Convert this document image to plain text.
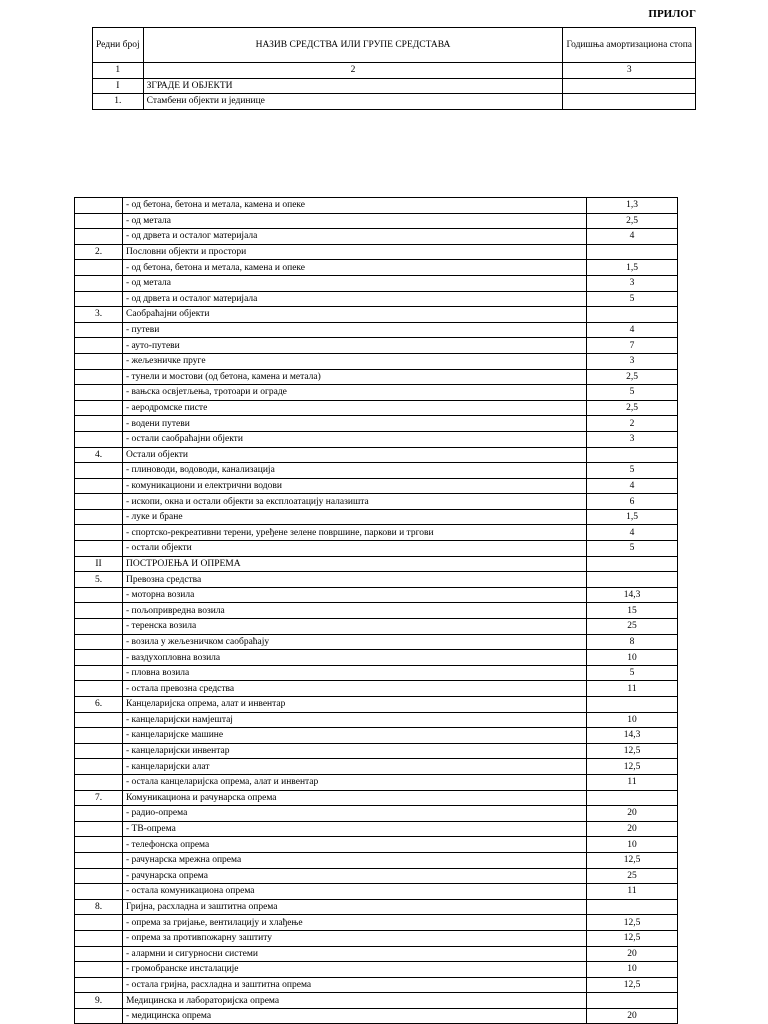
ПРИЛОГ
Редни број	НАЗИВ СРЕДСТВА ИЛИ ГРУПЕ СРЕДСТАВА	Годишња амортизациона стопа
1	2	3
I	ЗГРАДЕ И ОБЈЕКТИ	
1.	Стамбени објекти и јединице	
	- од бетона, бетона и метала, камена и опеке	1,3
	- од метала	2,5
	- од дрвета и осталог материјала	4
2.	Пословни објекти и простори	
	- од бетона, бетона и метала, камена и опеке	1,5
	- од метала	3
	- од дрвета и осталог материјала	5
3.	Саобраћајни објекти	
	- путеви	4
	- ауто-путеви	7
	- жељезничке пруге	3
	- тунели и мостови (од бетона, камена и метала)	2,5
	- вањска освјетљења, тротоари и ограде	5
	- аеродромске писте	2,5
	- водени путеви	2
	- остали саобраћајни објекти	3
4.	Остали објекти	
	- плиноводи, водоводи, канализација	5
	- комуникациони и електрични водови	4
	- ископи, окна и остали објекти за експлоатацију налазишта	6
	- луке и бране	1,5
	- спортско-рекреативни терени, уређене зелене површине, паркови и тргови	4
	- остали објекти	5
II	ПОСТРОЈЕЊА И ОПРЕМА	
5.	Превозна средства	
	- моторна возила	14,3
	- пољопривредна возила	15
	- теренска возила	25
	- возила у жељезничком саобраћају	8
	- ваздухопловна возила	10
	- пловна возила	5
	- остала превозна средства	11
6.	Канцеларијска опрема, алат и инвентар	
	- канцеларијски намјештај	10
	- канцеларијске машине	14,3
	- канцеларијски инвентар	12,5
	- канцеларијски алат	12,5
	- остала канцеларијска опрема, алат и инвентар	11
7.	Комуникациона и рачунарска опрема	
	- радио-опрема	20
	- ТВ-опрема	20
	- телефонска опрема	10
	- рачунарска мрежна опрема	12,5
	- рачунарска опрема	25
	- остала комуникациона опрема	11
8.	Гријна, расхладна и заштитна опрема	
	- опрема за гријање, вентилацију и хлађење	12,5
	- опрема за противпожарну заштиту	12,5
	- алармни и сигурносни системи	20
	- громобранске инсталације	10
	- остала гријна, расхладна и заштитна опрема	12,5
9.	Медицинска и лабораторијска опрема	
	- медицинска опрема	20
